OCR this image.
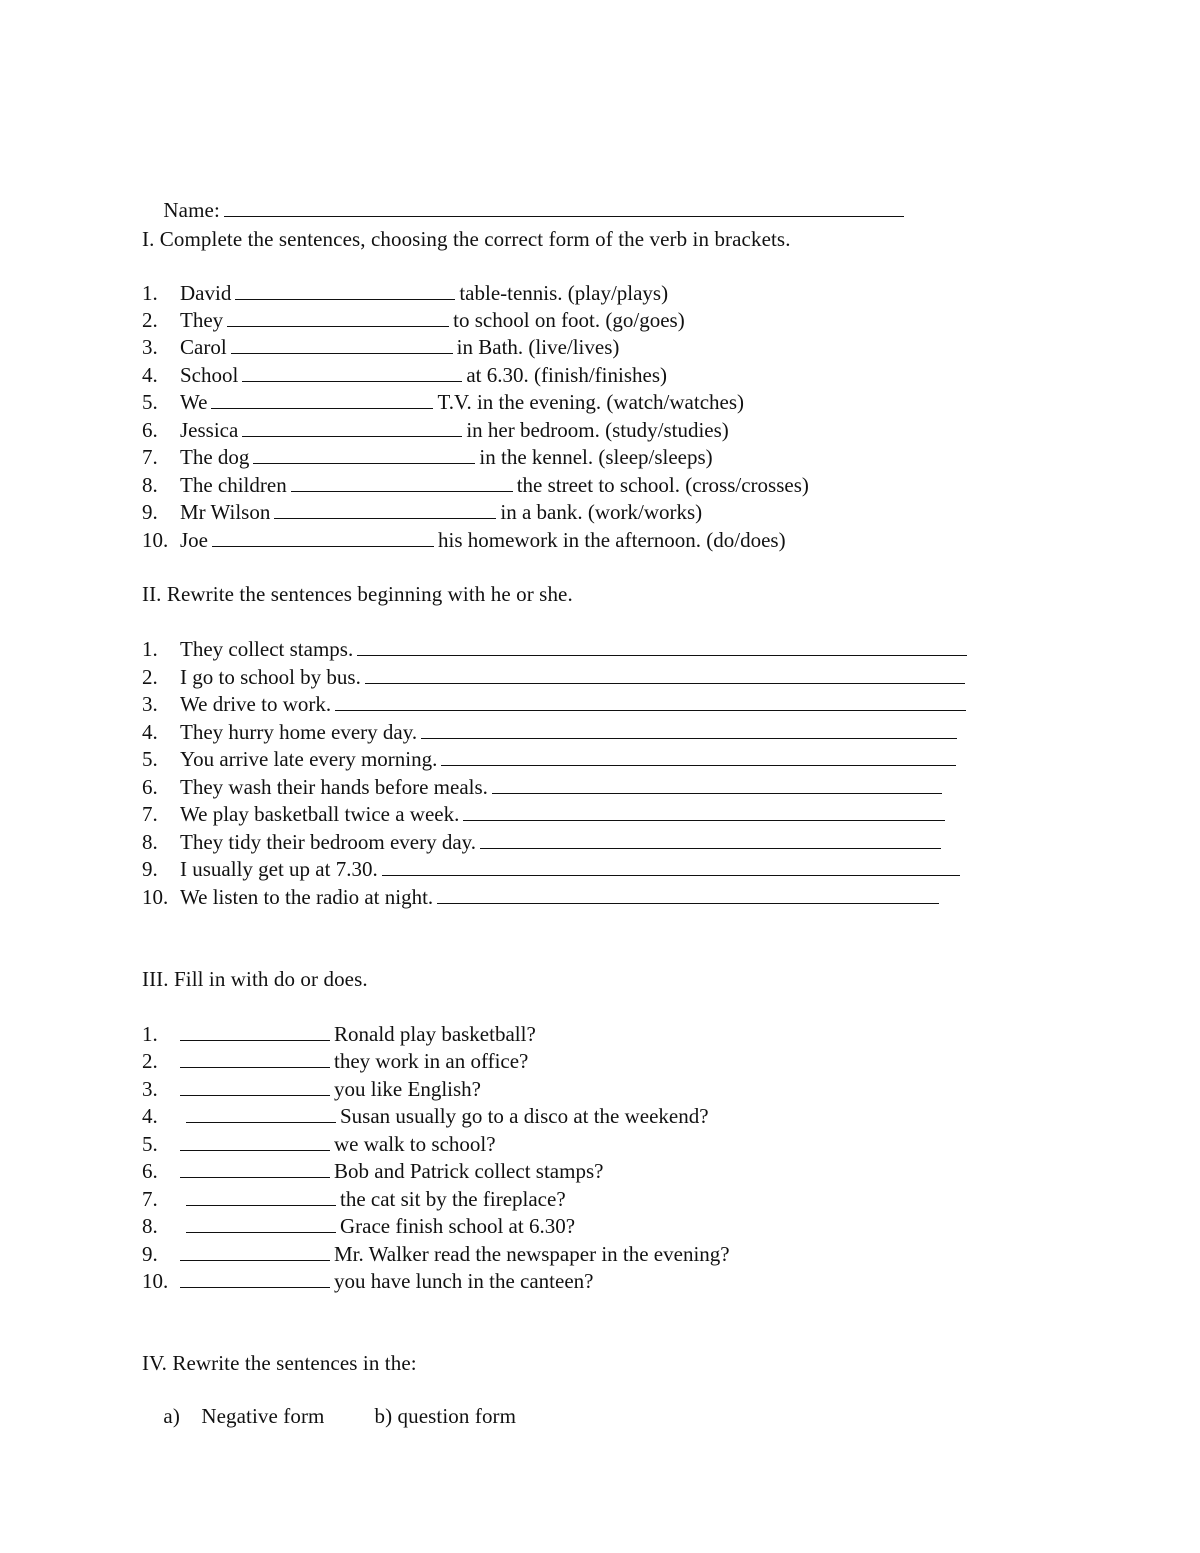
Name:

I. Complete the sentences, choosing the correct form of the verb in brackets.
1. David	table-tennis. (play/plays)
2. They	to school on foot. (go/goes)
3. Carol	in Bath. (live/lives)
4. School	at 6.30. (finish/finishes)
5. We	T.V. in the evening. (watch/watches)
6. Jessica	in her bedroom. (study/studies)
7. The dog	in the kennel. (sleep/sleeps)
8. The children	the street to school. (cross/crosses)
9. Mr Wilson	in a bank. (work/works)
10. Joe	his homework in the afternoon. (do/does)
II. Rewrite the sentences beginning with he or she.
1. They collect stamps.
2. I go to school by bus.
3. We drive to work.
4. They hurry home every day.
5. You arrive late every morning.
6. They wash their hands before meals.
7. We play basketball twice a week.
8. They tidy their bedroom every day.
9. I usually get up at 7.30.
10. We listen to the radio at night.
III. Fill in with do or does.
1.	Ronald play basketball?
2.	they work in an office?
3.	you like English?
4.	Susan usually go to a disco at the weekend?
5.	we walk to school?
6.	Bob and Patrick collect stamps?
7.	the cat sit by the fireplace?
8.	Grace finish school at 6.30?
9.	Mr. Walker read the newspaper in the evening?
10.	you have lunch in the canteen?
IV. Rewrite the sentences in the:

a)    Negative form b) question form
